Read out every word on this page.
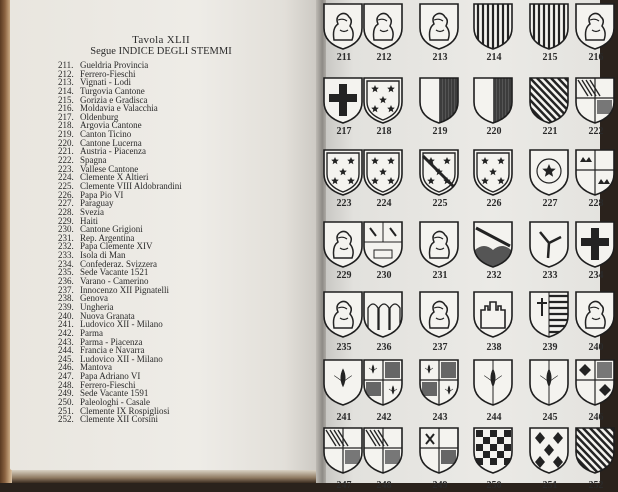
Tavola XLII
Segue INDICE DEGLI STEMMI
211. Gueldria Provincia
212. Ferrero-Fieschi
213. Vignati - Lodi
214. Turgovia Cantone
215. Gorizia e Gradisca
216. Moldavia e Valacchia
217. Oldenburg
218. Argovia Cantone
219. Canton Ticino
220. Cantone Lucerna
221. Austria - Piacenza
222. Spagna
223. Vallese Cantone
224. Clemente X Altieri
225. Clemente VIII Aldobrandini
226. Papa Pio VI
227. Paraguay
228. Svezia
229. Haiti
230. Cantone Grigioni
231. Rep. Argentina
232. Papa Clemente XIV
233. Isola di Man
234. Confederaz. Svizzera
235. Sede Vacante 1521
236. Varano - Camerino
237. Innocenzo XII Pignatelli
238. Genova
239. Ungheria
240. Nuova Granata
241. Ludovico XII - Milano
242. Parma
243. Parma - Piacenza
244. Francia e Navarra
245. Ludovico XII - Milano
246. Mantova
247. Papa Adriano VI
248. Ferrero-Fieschi
249. Sede Vacante 1591
250. Paleologhi - Casale
251. Clemente IX Rospigliosi
252. Clemente XII Corsini
211	212	213	214	215	216
217	218	219	220	221	222
223	224	225	226	227	228
229	230	231	232	233	234
235	236	237	238	239	240
241	242	243	244	245	246
247	248	249	250	251	252
